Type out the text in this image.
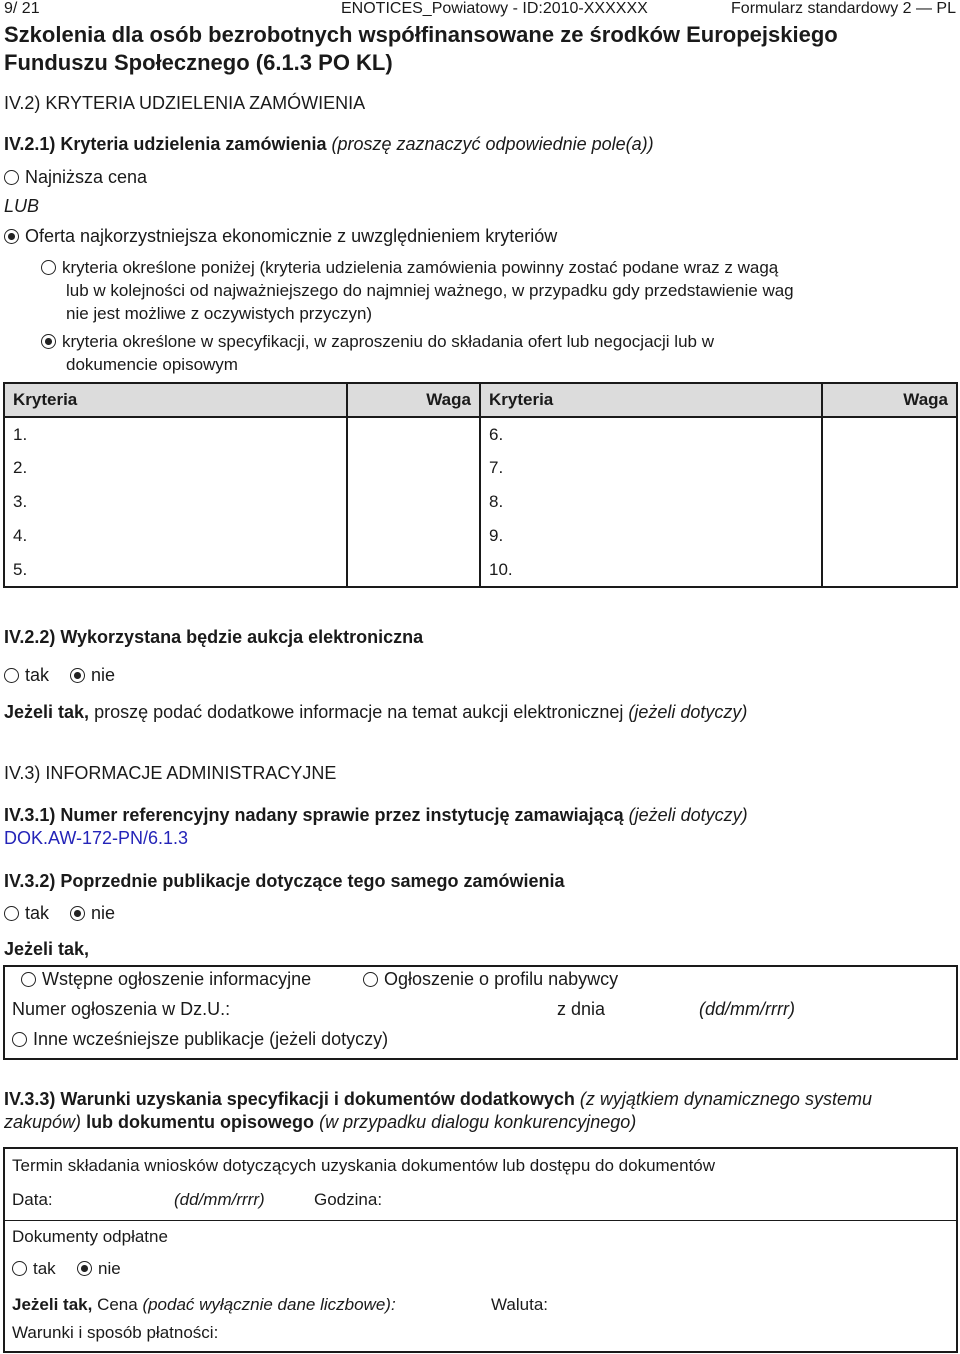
9/ 21	ENOTICES_Powiatowy - ID:2010-XXXXXX	Formularz standardowy 2 — PL
Szkolenia dla osób bezrobotnych współfinansowane ze środków Europejskiego
Funduszu Społecznego (6.1.3 PO KL)
IV.2) KRYTERIA UDZIELENIA ZAMÓWIENIA
IV.2.1) Kryteria udzielenia zamówienia (proszę zaznaczyć odpowiednie pole(a))
Najniższa cena
LUB
Oferta najkorzystniejsza ekonomicznie z uwzględnieniem kryteriów
kryteria określone poniżej (kryteria udzielenia zamówienia powinny zostać podane wraz z wagą
lub w kolejności od najważniejszego do najmniej ważnego, w przypadku gdy przedstawienie wag
nie jest możliwe z oczywistych przyczyn)
kryteria określone w specyfikacji, w zaproszeniu do składania ofert lub negocjacji lub w
dokumencie opisowym
Kryteria	Waga	Kryteria	Waga
1.		6.	
2.		7.	
3.		8.	
4.		9.	
5.		10.	
IV.2.2) Wykorzystana będzie aukcja elektroniczna
tak	nie
Jeżeli tak, proszę podać dodatkowe informacje na temat aukcji elektronicznej (jeżeli dotyczy)
IV.3) INFORMACJE ADMINISTRACYJNE
IV.3.1) Numer referencyjny nadany sprawie przez instytucję zamawiającą (jeżeli dotyczy)
DOK.AW-172-PN/6.1.3
IV.3.2) Poprzednie publikacje dotyczące tego samego zamówienia
tak	nie
Jeżeli tak,
Wstępne ogłoszenie informacyjne	Ogłoszenie o profilu nabywcy
Numer ogłoszenia w Dz.U.:	z dnia	(dd/mm/rrrr)
Inne wcześniejsze publikacje (jeżeli dotyczy)
IV.3.3) Warunki uzyskania specyfikacji i dokumentów dodatkowych (z wyjątkiem dynamicznego systemu
zakupów) lub dokumentu opisowego (w przypadku dialogu konkurencyjnego)
Termin składania wniosków dotyczących uzyskania dokumentów lub dostępu do dokumentów
Data:	(dd/mm/rrrr)	Godzina:
Dokumenty odpłatne
tak	nie
Jeżeli tak, Cena (podać wyłącznie dane liczbowe):	Waluta:
Warunki i sposób płatności:
